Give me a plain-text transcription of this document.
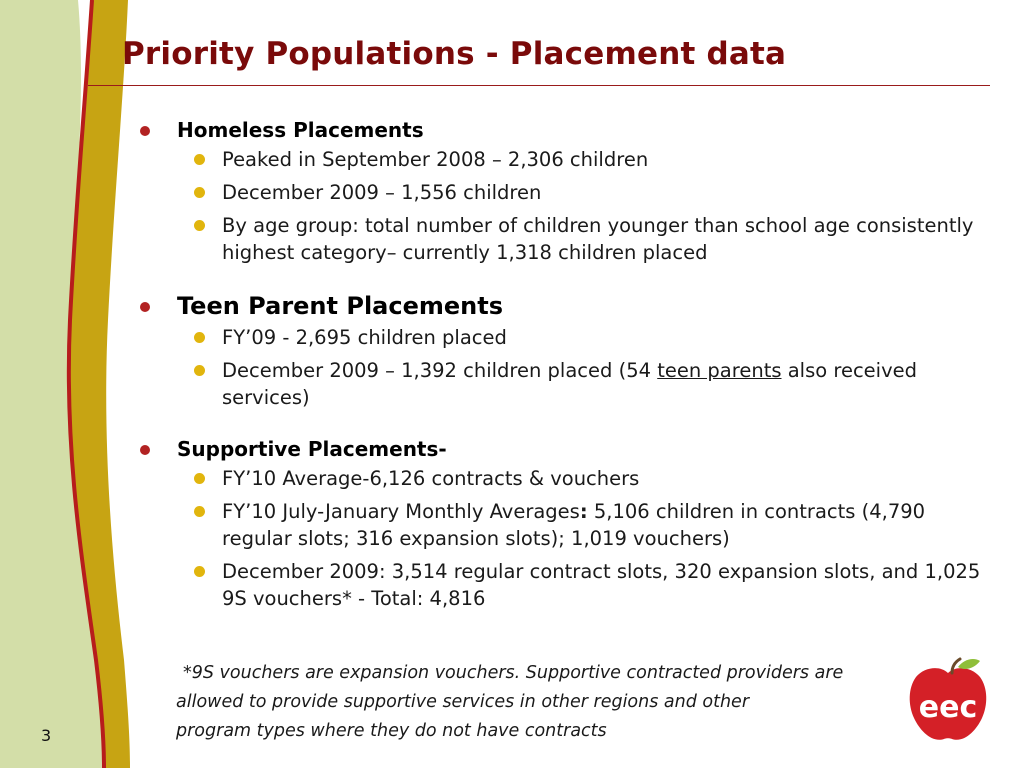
Priority Populations - Placement data
Homeless Placements
Peaked in September 2008 – 2,306 children
December 2009 – 1,556 children
By age group: total number of children younger than school age consistently highest category– currently 1,318 children placed
Teen Parent Placements
FY’09 - 2,695 children placed
December 2009 – 1,392 children placed (54 teen parents also received services)
Supportive Placements-
FY’10 Average-6,126 contracts & vouchers
FY’10 July-January Monthly Averages: 5,106 children in contracts (4,790 regular slots; 316 expansion slots); 1,019 vouchers)
December 2009: 3,514 regular contract slots, 320 expansion slots, and 1,025 9S vouchers* - Total: 4,816
*9S vouchers are expansion vouchers. Supportive contracted providers are
allowed to provide supportive services in other regions and other
program types where they do not have contracts
3
eec
